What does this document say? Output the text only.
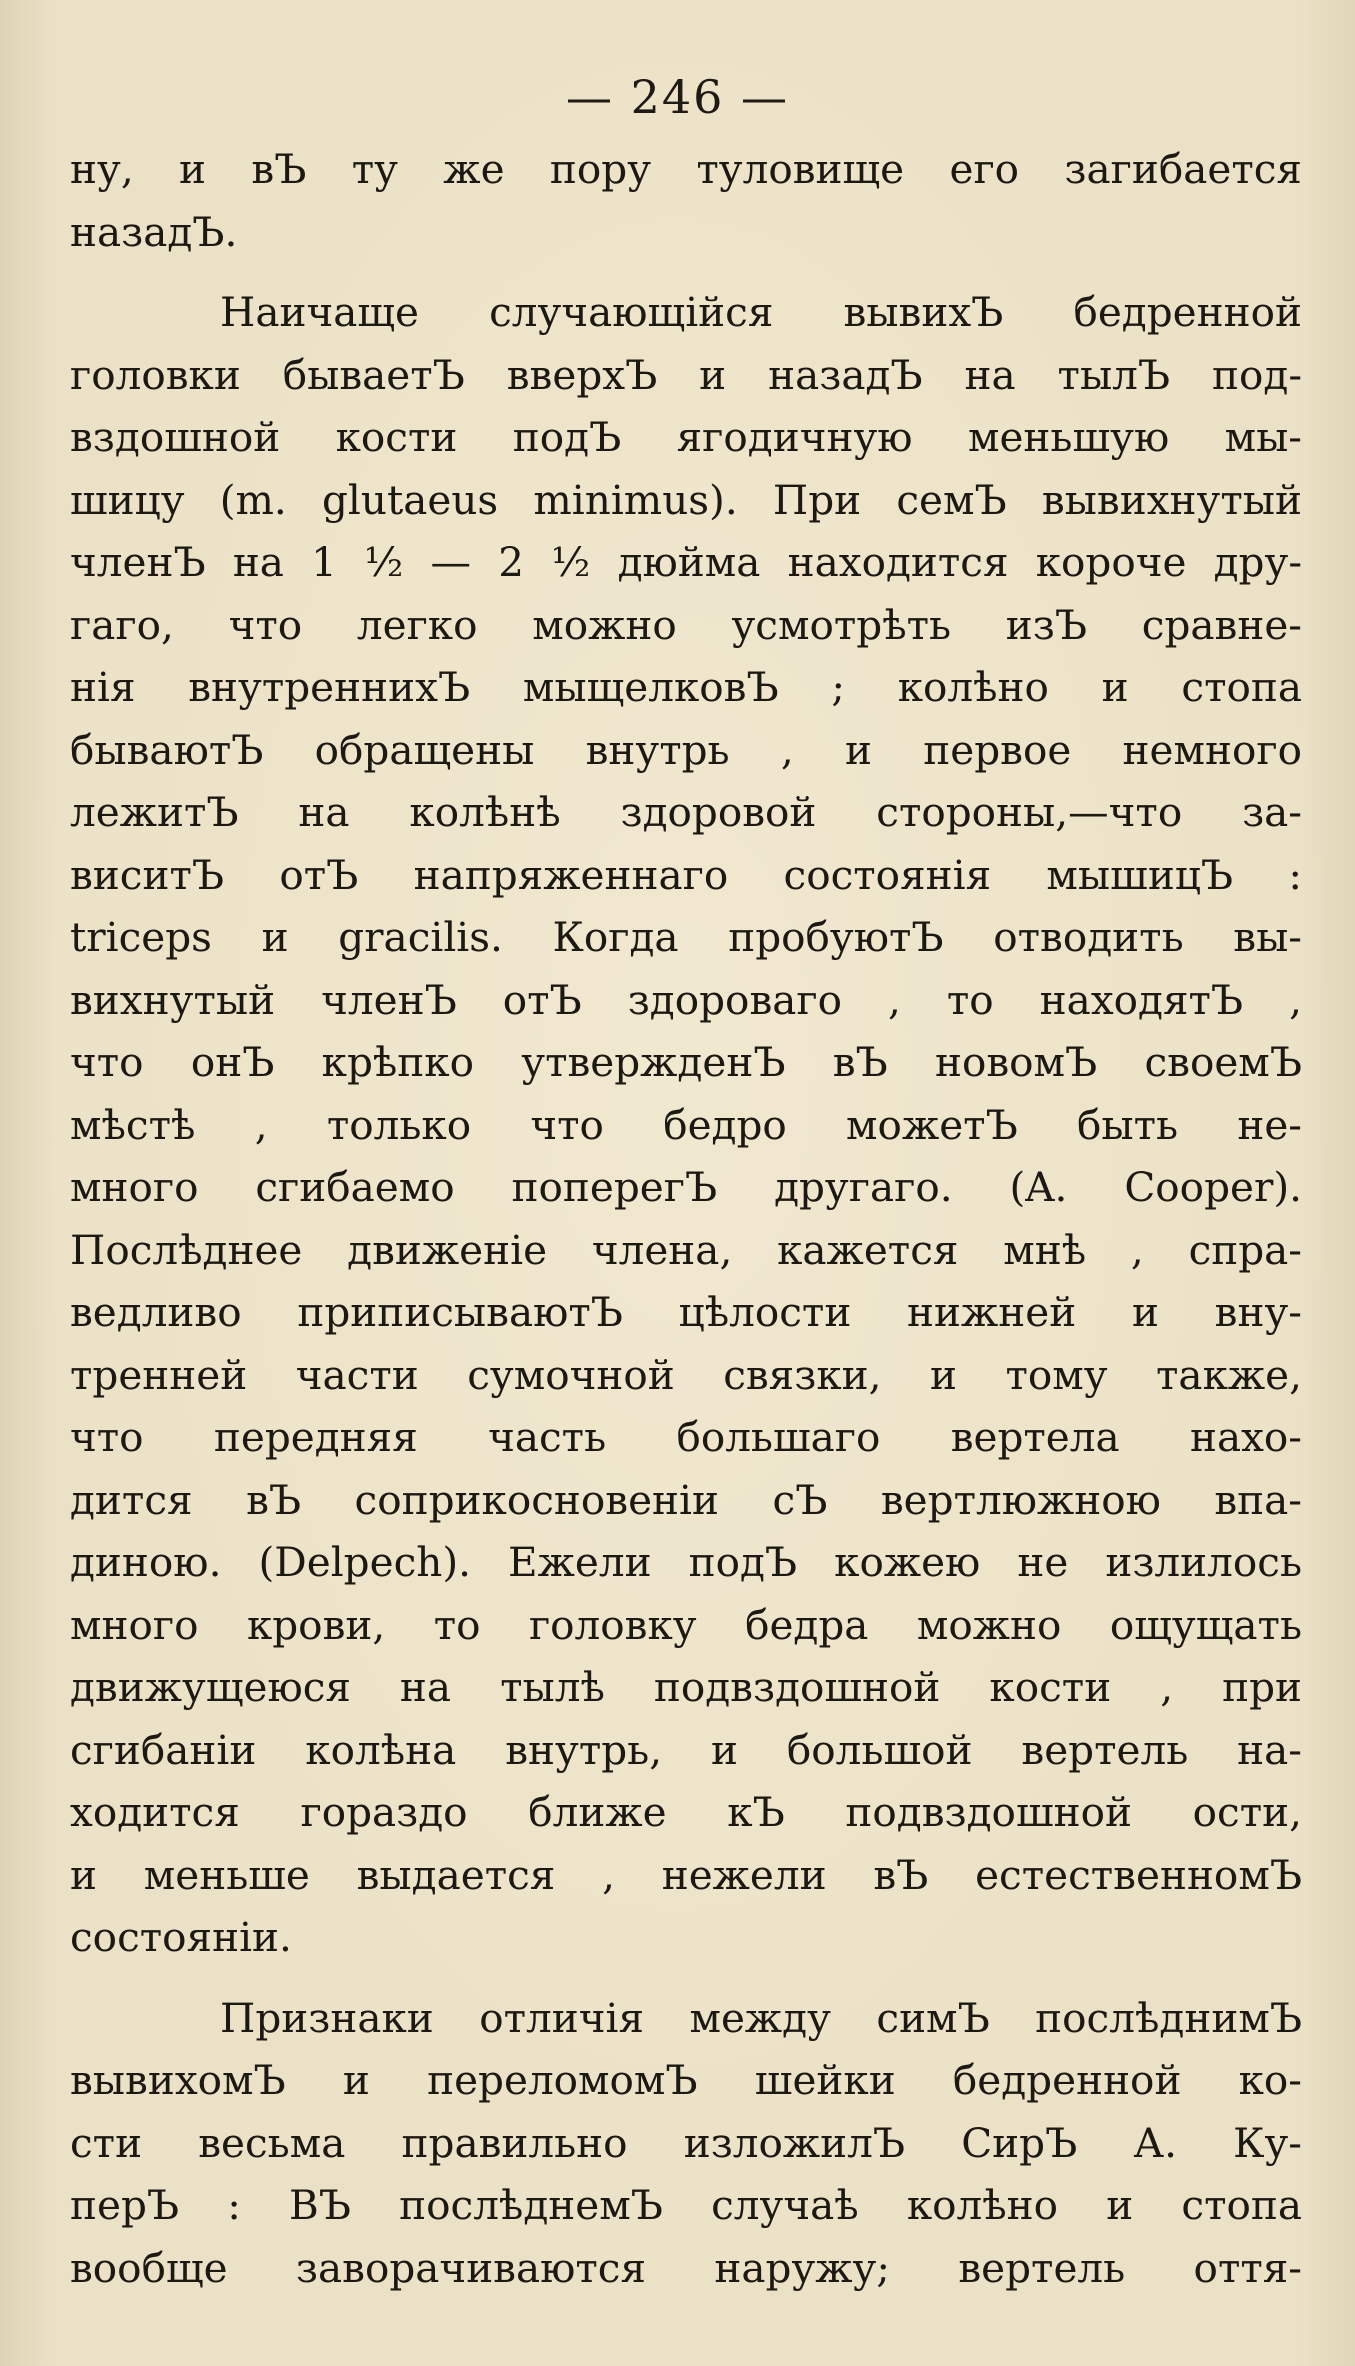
— 246 —
ну, и вЪ ту же пору туловище его загибается
назадЪ.
Наичаще случающійся вывихЪ бедренной
головки бываетЪ вверхЪ и назадЪ на тылЪ под-
вздошной кости подЪ ягодичную меньшую мы-
шицу (m. glutaeus minimus). При семЪ вывихнутый
членЪ на 1 ½ — 2 ½ дюйма находится короче дру-
гаго, что легко можно усмотрѣть изЪ сравне-
нія внутреннихЪ мыщелковЪ ; колѣно и стопа
бываютЪ обращены внутрь , и первое немного
лежитЪ на колѣнѣ здоровой стороны,—что за-
виситЪ отЪ напряженнаго состоянія мышицЪ :
triceps и gracilis. Когда пробуютЪ отводить вы-
вихнутый членЪ отЪ здороваго , то находятЪ ,
что онЪ крѣпко утвержденЪ вЪ новомЪ своемЪ
мѣстѣ , только что бедро можетЪ быть не-
много сгибаемо поперегЪ другаго. (A. Cooper).
Послѣднее движеніе члена, кажется мнѣ , спра-
ведливо приписываютЪ цѣлости нижней и вну-
тренней части сумочной связки, и тому также,
что передняя часть большаго вертела нахо-
дится вЪ соприкосновеніи сЪ вертлюжною впа-
диною. (Delpech). Ежели подЪ кожею не излилось
много крови, то головку бедра можно ощущать
движущеюся на тылѣ подвздошной кости , при
сгибаніи колѣна внутрь, и большой вертель на-
ходится гораздо ближе кЪ подвздошной ости,
и меньше выдается , нежели вЪ естественномЪ
состояніи.
Признаки отличія между симЪ послѣднимЪ
вывихомЪ и переломомЪ шейки бедренной ко-
сти весьма правильно изложилЪ СирЪ А. Ку-
перЪ : ВЪ послѣднемЪ случаѣ колѣно и стопа
вообще заворачиваются наружу; вертель оття-
